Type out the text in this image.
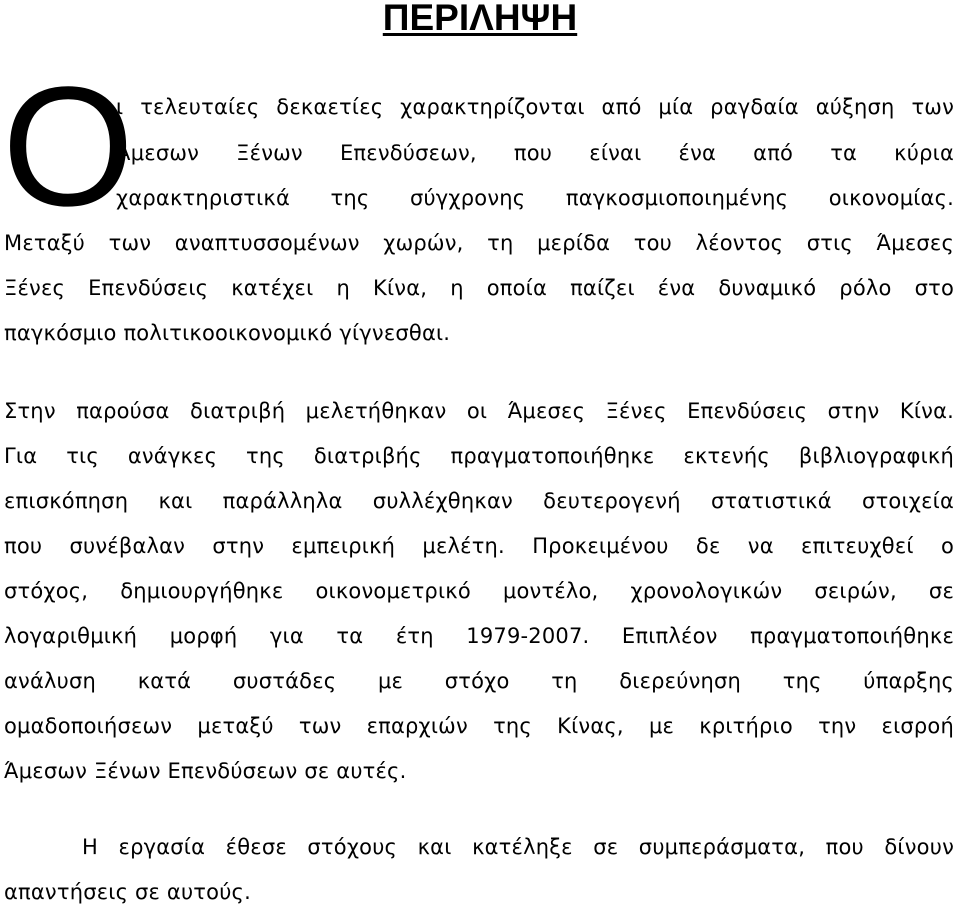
ΠΕΡΙΛΗΨΗ
Ο
ι τελευταίες δεκαετίες χαρακτηρίζονται από μία ραγδαία αύξηση των
Άμεσων Ξένων Επενδύσεων, που είναι ένα από τα κύρια
χαρακτηριστικά της σύγχρονης παγκοσμιοποιημένης οικονομίας.
Μεταξύ των αναπτυσσομένων χωρών, τη μερίδα του λέοντος στις Άμεσες
Ξένες Επενδύσεις κατέχει η Κίνα, η οποία παίζει ένα δυναμικό ρόλο στο
παγκόσμιο πολιτικοοικονομικό γίγνεσθαι.
Στην παρούσα διατριβή μελετήθηκαν οι Άμεσες Ξένες Επενδύσεις στην Κίνα.
Για τις ανάγκες της διατριβής πραγματοποιήθηκε εκτενής βιβλιογραφική
επισκόπηση και παράλληλα συλλέχθηκαν δευτερογενή στατιστικά στοιχεία
που συνέβαλαν στην εμπειρική μελέτη. Προκειμένου δε να επιτευχθεί ο
στόχος, δημιουργήθηκε οικονομετρικό μοντέλο, χρονολογικών σειρών, σε
λογαριθμική μορφή για τα έτη 1979-2007. Επιπλέον πραγματοποιήθηκε
ανάλυση κατά συστάδες με στόχο τη διερεύνηση της ύπαρξης
ομαδοποιήσεων μεταξύ των επαρχιών της Κίνας, με κριτήριο την εισροή
Άμεσων Ξένων Επενδύσεων σε αυτές.
Η εργασία έθεσε στόχους και κατέληξε σε συμπεράσματα, που δίνουν
απαντήσεις σε αυτούς.
